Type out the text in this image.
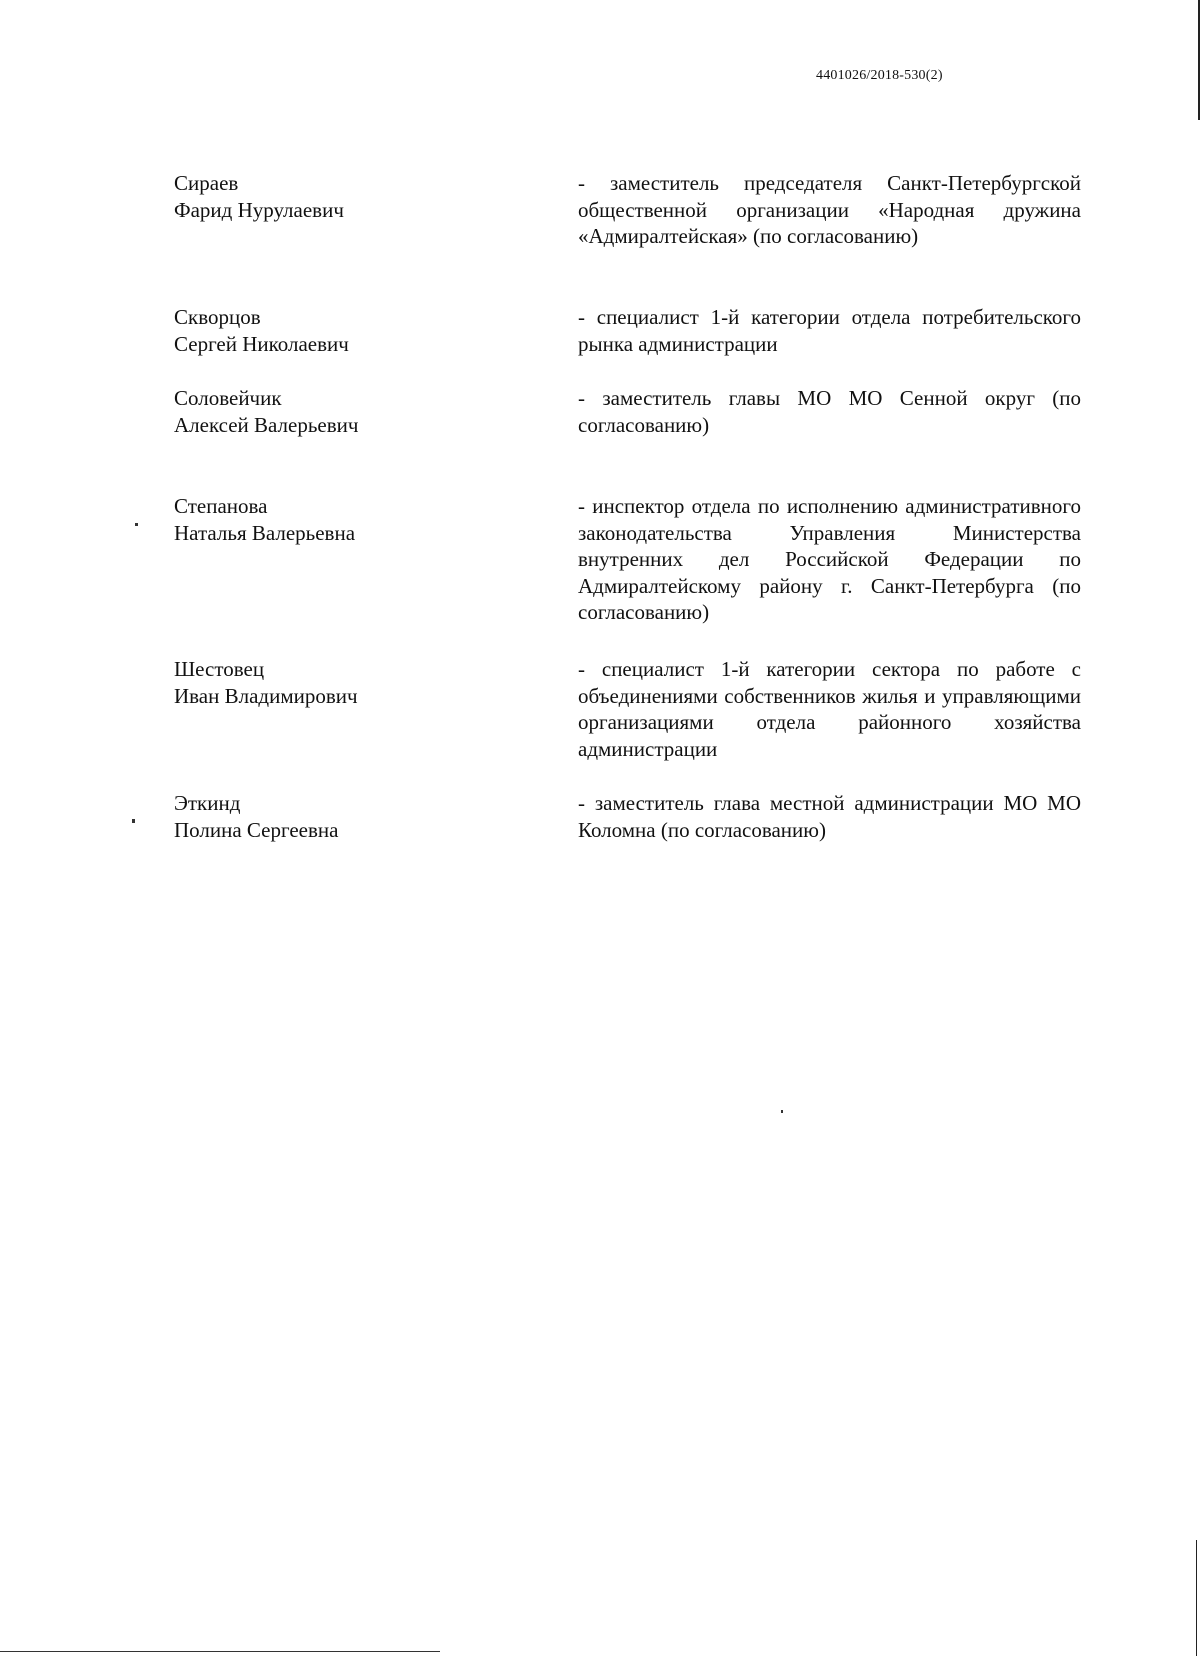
4401026/2018-530(2)
Сираев
Фарид Нурулаевич
- заместитель председателя Санкт-Петербургской общественной организации «Народная дружина «Адмиралтейская» (по согласованию)
Скворцов
Сергей Николаевич
- специалист 1-й категории отдела потребительского рынка администрации
Соловейчик
Алексей Валерьевич
- заместитель главы МО МО Сенной округ (по согласованию)
Степанова
Наталья Валерьевна
- инспектор отдела по исполнению административного законодательства Управления Министерства внутренних дел Российской Федерации по Адмиралтейскому району г. Санкт-Петербурга (по согласованию)
Шестовец
Иван Владимирович
- специалист 1-й категории сектора по работе с объединениями собственников жилья и управляющими организациями отдела районного хозяйства администрации
Эткинд
Полина Сергеевна
- заместитель глава местной администрации МО МО Коломна (по согласованию)
